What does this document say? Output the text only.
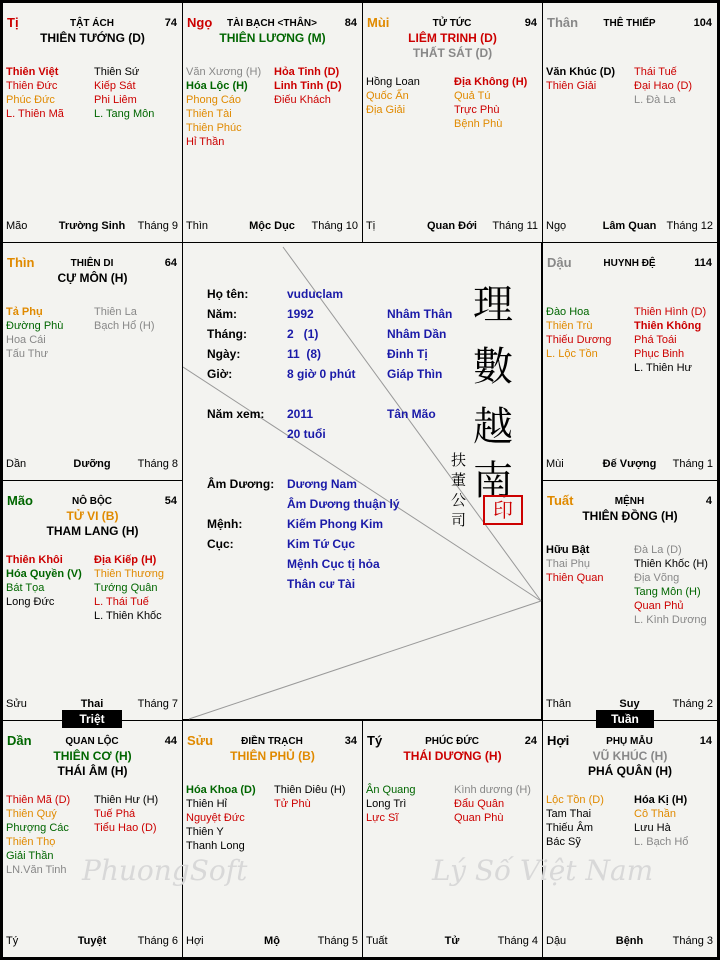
Hợi	PHỤ MẪU	14
VŨ KHÚC (H)
PHÁ QUÂN (H)
Lộc Tồn (D)
Tam Thai
Thiếu Âm
Bác Sỹ
Hóa Kị (H)
Cô Thần
Lưu Hà
L. Bạch Hổ
Dậu	Bệnh	Tháng 3
Tý	PHÚC ĐỨC	24
THÁI DƯƠNG (H)
Ân Quang
Long Trì
Lực Sĩ
Kình dương (H)
Đẩu Quân
Quan Phù
Tuất	Tử	Tháng 4
Sửu	ĐIỀN TRẠCH	34
THIÊN PHỦ (B)
Hóa Khoa (D)
Thiên Hỉ
Nguyệt Đức
Thiên Y
Thanh Long
Thiên Diêu (H)
Tử Phù
Hợi	Mộ	Tháng 5
Dần	QUAN LỘC	44
THIÊN CƠ (H)
THÁI ÂM (H)
Thiên Mã (D)
Thiên Quý
Phượng Các
Thiên Thọ
Giải Thần
LN.Văn Tinh
Thiên Hư (H)
Tuế Phá
Tiểu Hao (D)
Tý	Tuyệt	Tháng 6
Tuất	MỆNH	4
THIÊN ĐỒNG (H)
Hữu Bật
Thai Phụ
Thiên Quan
Đà La (D)
Thiên Khốc (H)
Địa Võng
Tang Môn (H)
Quan Phủ
L. Kình Dương
Thân	Suy	Tháng 2
Mão	NÔ BỘC	54
TỬ VI (B)
THAM LANG (H)
Thiên Khôi
Hóa Quyền (V)
Bát Tọa
Long Đức
Địa Kiếp (H)
Thiên Thương
Tướng Quân
L. Thái Tuế
L. Thiên Khốc
Sửu	Thai	Tháng 7
Dậu	HUYNH ĐỆ	114
Đào Hoa
Thiên Trù
Thiếu Dương
L. Lộc Tồn
Thiên Hình (D)
Thiên Không
Phá Toái
Phục Binh
L. Thiên Hư
Mùi	Đế Vượng	Tháng 1
Thìn	THIÊN DI	64
CỰ MÔN (H)
Tả Phụ
Đường Phù
Hoa Cái
Tấu Thư
Thiên La
Bạch Hổ (H)
Dần	Dưỡng	Tháng 8
Thân	THÊ THIẾP	104
Văn Khúc (D)
Thiên Giải
Thái Tuế
Đại Hao (D)
L. Đà La
Ngọ	Lâm Quan Tháng 12
Mùi	TỬ TỨC	94
LIÊM TRINH (D)
THẤT SÁT (D)
Hồng Loan
Quốc Ấn
Địa Giải
Địa Không (H)
Quả Tú
Trực Phù
Bệnh Phù
Tị	Quan Đới	Tháng 11
Ngọ	TÀI BẠCH <THÂN>	84
THIÊN LƯƠNG (M)
Văn Xương (H)
Hóa Lộc (H)
Phong Cáo
Thiên Tài
Thiên Phúc
Hỉ Thần
Hỏa Tinh (D)
Linh Tinh (D)
Điếu Khách
Thìn	Mộc Dục	Tháng 10
Tị	TẬT ÁCH	74
THIÊN TƯỚNG (D)
Thiên Việt
Thiên Đức
Phúc Đức
L. Thiên Mã
Thiên Sứ
Kiếp Sát
Phi Liêm
L. Tang Môn
Mão	Trường Sinh	Tháng 9
PhuongSoft	Lý Số Việt Nam
Họ tên:	vuduclam
Năm:	1992	Nhâm Thân
Tháng:	2   (1)	Nhâm Dần
Ngày:	11  (8)	Đinh Tị
Giờ:	8 giờ 0 phút	Giáp Thìn
Năm xem: 2011	Tân Mão
20 tuổi
Âm Dương: Dương Nam
Âm Dương thuận lý
Mệnh:	Kiếm Phong Kim
Cục:	Kim Tứ Cục
Mệnh Cục tị hỏa
Thân cư Tài
理
數
越
南
扶
董
公
司	印
Triệt	Tuần
